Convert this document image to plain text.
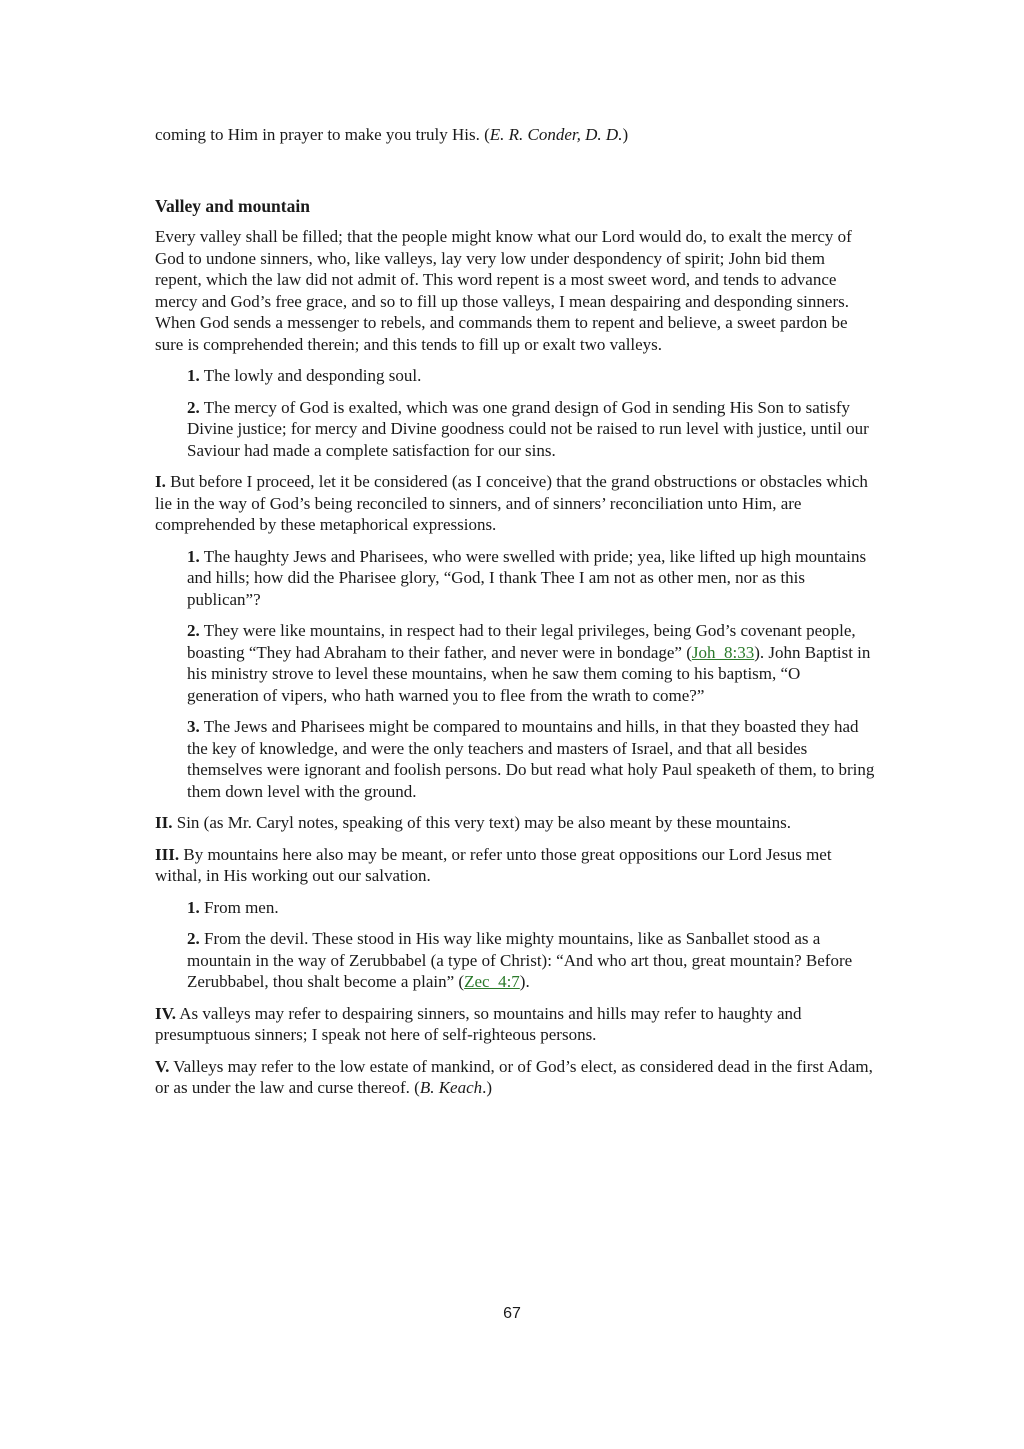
coming to Him in prayer to make you truly His. (E. R. Conder, D. D.)
Valley and mountain
Every valley shall be filled; that the people might know what our Lord would do, to exalt the mercy of God to undone sinners, who, like valleys, lay very low under despondency of spirit; John bid them repent, which the law did not admit of. This word repent is a most sweet word, and tends to advance mercy and God’s free grace, and so to fill up those valleys, I mean despairing and desponding sinners. When God sends a messenger to rebels, and commands them to repent and believe, a sweet pardon be sure is comprehended therein; and this tends to fill up or exalt two valleys.
1. The lowly and desponding soul.
2. The mercy of God is exalted, which was one grand design of God in sending His Son to satisfy Divine justice; for mercy and Divine goodness could not be raised to run level with justice, until our Saviour had made a complete satisfaction for our sins.
I. But before I proceed, let it be considered (as I conceive) that the grand obstructions or obstacles which lie in the way of God’s being reconciled to sinners, and of sinners’ reconciliation unto Him, are comprehended by these metaphorical expressions.
1. The haughty Jews and Pharisees, who were swelled with pride; yea, like lifted up high mountains and hills; how did the Pharisee glory, “God, I thank Thee I am not as other men, nor as this publican”?
2. They were like mountains, in respect had to their legal privileges, being God’s covenant people, boasting “They had Abraham to their father, and never were in bondage” (Joh_8:33). John Baptist in his ministry strove to level these mountains, when he saw them coming to his baptism, “O generation of vipers, who hath warned you to flee from the wrath to come?”
3. The Jews and Pharisees might be compared to mountains and hills, in that they boasted they had the key of knowledge, and were the only teachers and masters of Israel, and that all besides themselves were ignorant and foolish persons. Do but read what holy Paul speaketh of them, to bring them down level with the ground.
II. Sin (as Mr. Caryl notes, speaking of this very text) may be also meant by these mountains.
III. By mountains here also may be meant, or refer unto those great oppositions our Lord Jesus met withal, in His working out our salvation.
1. From men.
2. From the devil. These stood in His way like mighty mountains, like as Sanballet stood as a mountain in the way of Zerubbabel (a type of Christ): “And who art thou, great mountain? Before Zerubbabel, thou shalt become a plain” (Zec_4:7).
IV. As valleys may refer to despairing sinners, so mountains and hills may refer to haughty and presumptuous sinners; I speak not here of self-righteous persons.
V. Valleys may refer to the low estate of mankind, or of God’s elect, as considered dead in the first Adam, or as under the law and curse thereof. (B. Keach.)
67
